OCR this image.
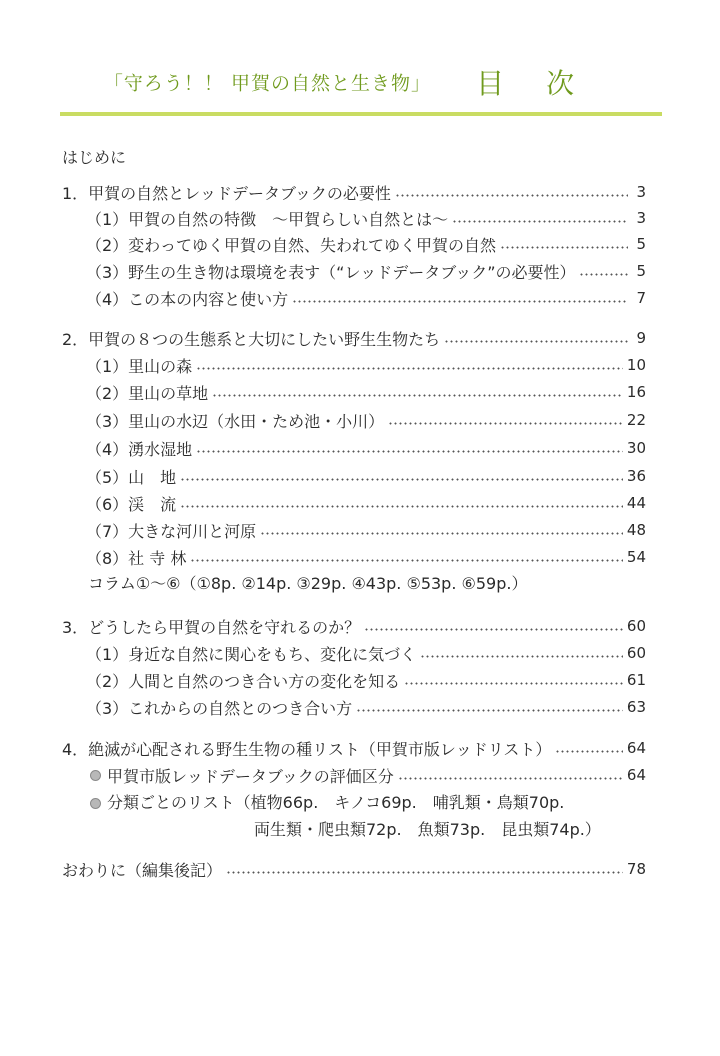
「守ろう！！ 甲賀の自然と生き物」 目次
はじめに
1．甲賀の自然とレッドデータブックの必要性	3
（1）甲賀の自然の特徴　〜甲賀らしい自然とは〜	3
（2）変わってゆく甲賀の自然、失われてゆく甲賀の自然	5
（3）野生の生き物は環境を表す（“レッドデータブック”の必要性）	5
（4）この本の内容と使い方	7
2．甲賀の８つの生態系と大切にしたい野生生物たち	9
（1）里山の森	10
（2）里山の草地	16
（3）里山の水辺（水田・ため池・小川）	22
（4）湧水湿地	30
（5）山　地	36
（6）渓　流	44
（7）大きな河川と河原	48
（8）社 寺 林	54
コラム①〜⑥（①8p. ②14p. ③29p. ④43p. ⑤53p. ⑥59p.）
3．どうしたら甲賀の自然を守れるのか？	60
（1）身近な自然に関心をもち、変化に気づく	60
（2）人間と自然のつき合い方の変化を知る	61
（3）これからの自然とのつき合い方	63
4．絶滅が心配される野生生物の種リスト（甲賀市版レッドリスト）	64
甲賀市版レッドデータブックの評価区分	64
分類ごとのリスト（植物66p.　キノコ69p.　哺乳類・鳥類70p.
両生類・爬虫類72p.　魚類73p.　昆虫類74p.）
おわりに（編集後記）	78
